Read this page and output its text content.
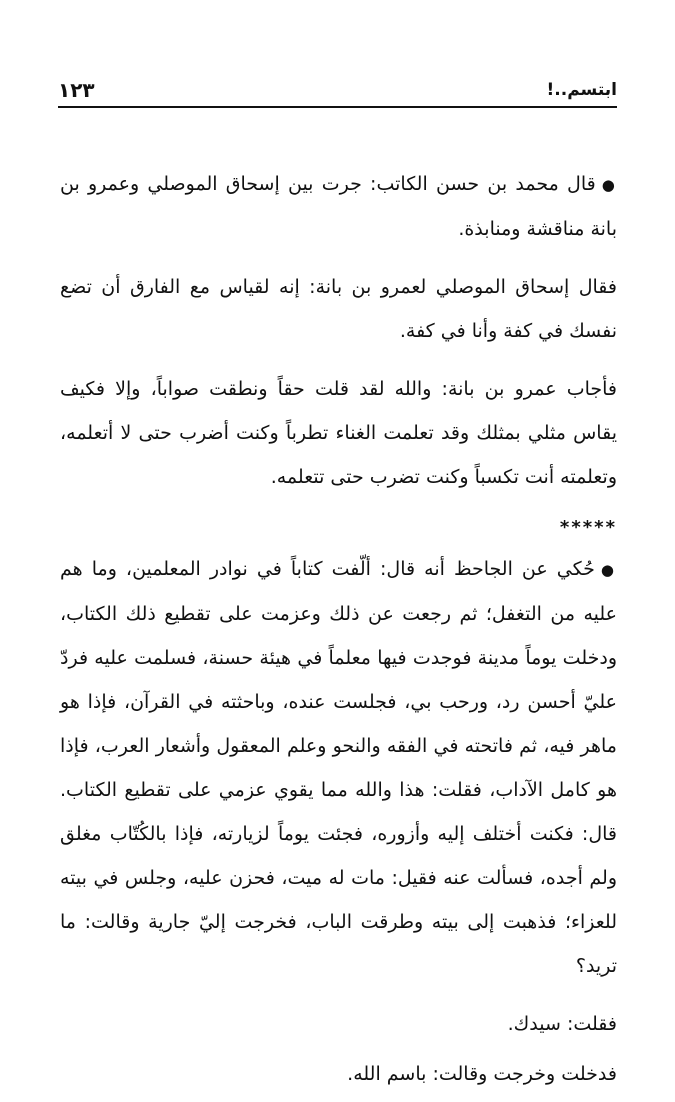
ابتسم..!
١٢٣

●قال محمد بن حسن الكاتب: جرت بين إسحاق الموصلي وعمرو بن بانة مناقشة ومنابذة.

فقال إسحاق الموصلي لعمرو بن بانة: إنه لقياس مع الفارق أن تضع نفسك في كفة وأنا في كفة.

فأجاب عمرو بن بانة: والله لقد قلت حقاً ونطقت صواباً، وإلا فكيف يقاس مثلي بمثلك وقد تعلمت الغناء تطرباً وكنت أضرب حتى لا أتعلمه، وتعلمته أنت تكسباً وكنت تضرب حتى تتعلمه.

*****

●حُكي عن الجاحظ أنه قال: ألّفت كتاباً في نوادر المعلمين، وما هم عليه من التغفل؛ ثم رجعت عن ذلك وعزمت على تقطيع ذلك الكتاب، ودخلت يوماً مدينة فوجدت فيها معلماً في هيئة حسنة، فسلمت عليه فردّ عليّ أحسن رد، ورحب بي، فجلست عنده، وباحثته في القرآن، فإذا هو ماهر فيه، ثم فاتحته في الفقه والنحو وعلم المعقول وأشعار العرب، فإذا هو كامل الآداب، فقلت: هذا والله مما يقوي عزمي على تقطيع الكتاب. قال: فكنت أختلف إليه وأزوره، فجئت يوماً لزيارته، فإذا بالكُتّاب مغلق ولم أجده، فسألت عنه فقيل: مات له ميت، فحزن عليه، وجلس في بيته للعزاء؛ فذهبت إلى بيته وطرقت الباب، فخرجت إليّ جارية وقالت: ما تريد؟

فقلت: سيدك.

فدخلت وخرجت وقالت: باسم الله.
